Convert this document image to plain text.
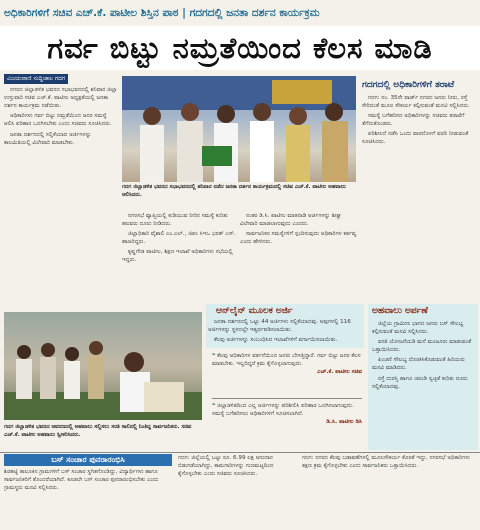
ಅಧಿಕಾರಿಗಳಿಗೆ ಸಚಿವ ಎಚ್.ಕೆ. ಪಾಟೀಲ ಶಿಸ್ತಿನ ಪಾಠ | ಗದಗದಲ್ಲಿ ಜನತಾ ದರ್ಶನ ಕಾರ್ಯಕ್ರಮ
ಗರ್ವ ಬಿಟ್ಟು ನಮ್ರತೆಯಿಂದ ಕೆಲಸ ಮಾಡಿ
ವಿಜಯವಾಣಿ ಸುದ್ದಿಜಾಲ ಗದಗ

ನಗರದ ಜಿಲ್ಲಾಡಳಿತ ಭವನದ ಸಭಾಭವನದಲ್ಲಿ ಶನಿವಾರ ಜಿಲ್ಲಾ ಉಸ್ತುವಾರಿ ಸಚಿವ ಎಚ್.ಕೆ. ಪಾಟೀಲ ಅಧ್ಯಕ್ಷತೆಯಲ್ಲಿ ಜನತಾ ದರ್ಶನ ಕಾರ್ಯಕ್ರಮ ನಡೆಯಿತು.

ಅಧಿಕಾರಿಗಳು ಗರ್ವ ಬಿಟ್ಟು ನಮ್ರತೆಯಿಂದ ಜನರ ಸಮಸ್ಯೆ ಆಲಿಸಿ ಪರಿಹಾರ ಒದಗಿಸಬೇಕು ಎಂದು ಸಚಿವರು ಸೂಚಿಸಿದರು.

ಜನತಾ ದರ್ಶನದಲ್ಲಿ ಸಲ್ಲಿಕೆಯಾದ ಅರ್ಜಿಗಳನ್ನು ಕಾಲಮಿತಿಯಲ್ಲಿ ವಿಲೇವಾರಿ ಮಾಡಬೇಕು.

ಗದಗ ಜಿಲ್ಲಾಡಳಿತ ಭವನದ ಸಭಾಭವನದಲ್ಲಿ ಶನಿವಾರ ನಡೆದ ಜನತಾ ದರ್ಶನ ಕಾರ್ಯಕ್ರಮದಲ್ಲಿ ಸಚಿವ ಎಚ್.ಕೆ. ಪಾಟೀಲ ಅಹವಾಲು ಆಲಿಸಿದರು.

ನಗರಸಭೆ ವ್ಯಾಪ್ತಿಯಲ್ಲಿ ಕುಡಿಯುವ ನೀರಿನ ಸಮಸ್ಯೆ ಕುರಿತು ಹಲವರು ದೂರು ನೀಡಿದರು.

ಜಿಲ್ಲಾಧಿಕಾರಿ ವೈಶಾಲಿ ಎಂ.ಎಲ್., ಜಿಪಂ ಸಿಇಒ ಭರತ್ ಎಸ್. ಹಾಜರಿದ್ದರು.

ಕೃಷ್ಣಗೌಡ ಪಾಟೀಲ, ಶಿಕ್ಷಣ ಇಲಾಖೆ ಅಧಿಕಾರಿಗಳು ಸಭೆಯಲ್ಲಿ ಇದ್ದರು.

ನಂತರ ಡಿ.ಸಿ. ಪಾಟೀಲ ಮಾತನಾಡಿ ಅರ್ಜಿಗಳನ್ನು ಶೀಘ್ರ ವಿಲೇವಾರಿ ಮಾಡಲಾಗುವುದು ಎಂದರು.

ಸಾರ್ವಜನಿಕರ ಸಮಸ್ಯೆಗಳಿಗೆ ಸ್ಪಂದಿಸುವುದು ಅಧಿಕಾರಿಗಳ ಕರ್ತವ್ಯ ಎಂದು ಹೇಳಿದರು.

ಗದಗದಲ್ಲಿ ಅಧಿಕಾರಿಗಳಿಗೆ ತರಾಟೆ

ಗದಗ: ನಂ. 35ನೇ ವಾರ್ಡ್ ನಗರದ ಜನರು ನೀರು, ರಸ್ತೆ ಸೇರಿದಂತೆ ಮೂಲ ಸೌಕರ್ಯ ಕಲ್ಪಿಸುವಂತೆ ಮನವಿ ಸಲ್ಲಿಸಿದರು.

ಸಮಸ್ಯೆ ಬಗೆಹರಿಸದ ಅಧಿಕಾರಿಗಳನ್ನು ಸಚಿವರು ತರಾಟೆಗೆ ತೆಗೆದುಕೊಂಡರು.

ಪರಿಶೀಲನೆ ನಡೆಸಿ ಒಂದು ವಾರದೊಳಗೆ ವರದಿ ನೀಡುವಂತೆ ಸೂಚಿಸಿದರು.

ಆನ್‌ಲೈನ್ ಮೂಲಕ ಅರ್ಜಿ

ಜನತಾ ದರ್ಶನದಲ್ಲಿ ಒಟ್ಟು 44 ಅರ್ಜಿಗಳು ಸಲ್ಲಿಕೆಯಾದವು. ಅವುಗಳಲ್ಲಿ 116 ಅರ್ಜಿಗಳನ್ನು ಸ್ಥಳದಲ್ಲೇ ಇತ್ಯರ್ಥಪಡಿಸಲಾಯಿತು.

ಕೆಲವು ಅರ್ಜಿಗಳನ್ನು ಸಂಬಂಧಿಸಿದ ಇಲಾಖೆಗಳಿಗೆ ವರ್ಗಾಯಿಸಲಾಯಿತು.

ಗದಗ ಜಿಲ್ಲಾಡಳಿತ ಭವನದ ಆವರಣದಲ್ಲಿ ಅಹವಾಲು ಸಲ್ಲಿಸಲು ಸರತಿ ಸಾಲಿನಲ್ಲಿ ನಿಂತಿದ್ದ ಸಾರ್ವಜನಿಕರು. ಸಚಿವ ಎಚ್.ಕೆ. ಪಾಟೀಲ ಅಹವಾಲು ಸ್ವೀಕರಿಸಿದರು.
❝ ಕೆಲವು ಅಧಿಕಾರಿಗಳ ವರ್ತನೆಯಿಂದ ಜನರು ಬೇಸತ್ತಿದ್ದಾರೆ. ಗರ್ವ ಬಿಟ್ಟು ಜನರ ಕೆಲಸ ಮಾಡಬೇಕು. ಇಲ್ಲದಿದ್ದರೆ ಕ್ರಮ ಕೈಗೊಳ್ಳಲಾಗುವುದು.
ಎಚ್.ಕೆ. ಪಾಟೀಲ ಸಚಿವ
❝ ಜಿಲ್ಲಾಡಳಿತದಿಂದ ಎಲ್ಲ ಅರ್ಜಿಗಳನ್ನು ಪರಿಶೀಲಿಸಿ ಪರಿಹಾರ ಒದಗಿಸಲಾಗುವುದು. ಸಮಸ್ಯೆ ಬಗೆಹರಿಸಲು ಅಧಿಕಾರಿಗಳಿಗೆ ಸೂಚಿಸಲಾಗಿದೆ.
ಡಿ.ಸಿ. ಪಾಟೀಲ ಡಿಸಿ
ಅಹವಾಲು ಅರ್ಪಣೆ

ಜಿಲ್ಲೆಯ ಗ್ರಾಮೀಣ ಭಾಗದ ಜನರು ಬಸ್ ಸೌಲಭ್ಯ ಕಲ್ಪಿಸುವಂತೆ ಮನವಿ ಸಲ್ಲಿಸಿದರು.

ವಸತಿ ಯೋಜನೆಯಡಿ ಮನೆ ಮಂಜೂರು ಮಾಡುವಂತೆ ಒತ್ತಾಯಿಸಿದರು.

ಪಿಂಚಣಿ ಸೌಲಭ್ಯ ದೊರಕಿಸಿಕೊಡುವಂತೆ ಹಿರಿಯರು ಮನವಿ ಮಾಡಿದರು.

ರಸ್ತೆ ದುರಸ್ತಿ ಹಾಗೂ ಚರಂಡಿ ಸ್ವಚ್ಛತೆ ಕುರಿತು ದೂರು ಸಲ್ಲಿಕೆಯಾದವು.

ಬಸ್ ಸಂಚಾರ ಪುನರಾರಂಭಿಸಿ
ಶಿರಹಟ್ಟಿ ತಾಲೂಕಿನ ಗ್ರಾಮಗಳಿಗೆ ಬಸ್ ಸಂಚಾರ ಸ್ಥಗಿತಗೊಂಡಿದ್ದು, ವಿದ್ಯಾರ್ಥಿಗಳು ಹಾಗೂ ಸಾರ್ವಜನಿಕರಿಗೆ ತೊಂದರೆಯಾಗಿದೆ. ಕೂಡಲೇ ಬಸ್ ಸಂಚಾರ ಪುನರಾರಂಭಿಸಬೇಕು ಎಂದು ಗ್ರಾಮಸ್ಥರು ಮನವಿ ಸಲ್ಲಿಸಿದರು.
ಗದಗ: ಜಿಲ್ಲೆಯಲ್ಲಿ ಒಟ್ಟು ರೂ. 6.99 ಲಕ್ಷ ಅನುದಾನ ಬಿಡುಗಡೆಯಾಗಿದ್ದು, ಕಾಮಗಾರಿಗಳನ್ನು ಗುಣಮಟ್ಟದಿಂದ ಕೈಗೊಳ್ಳಬೇಕು ಎಂದು ಸಚಿವರು ಸೂಚಿಸಿದರು.
ಗದಗ: ನಗರದ ಕೆಲವು ಬಡಾವಣೆಗಳಲ್ಲಿ ಮೂಲಸೌಕರ್ಯ ಕೊರತೆ ಇದ್ದು, ನಗರಸಭೆ ಅಧಿಕಾರಿಗಳು ತಕ್ಷಣ ಕ್ರಮ ಕೈಗೊಳ್ಳಬೇಕು ಎಂದು ಸಾರ್ವಜನಿಕರು ಒತ್ತಾಯಿಸಿದರು.
